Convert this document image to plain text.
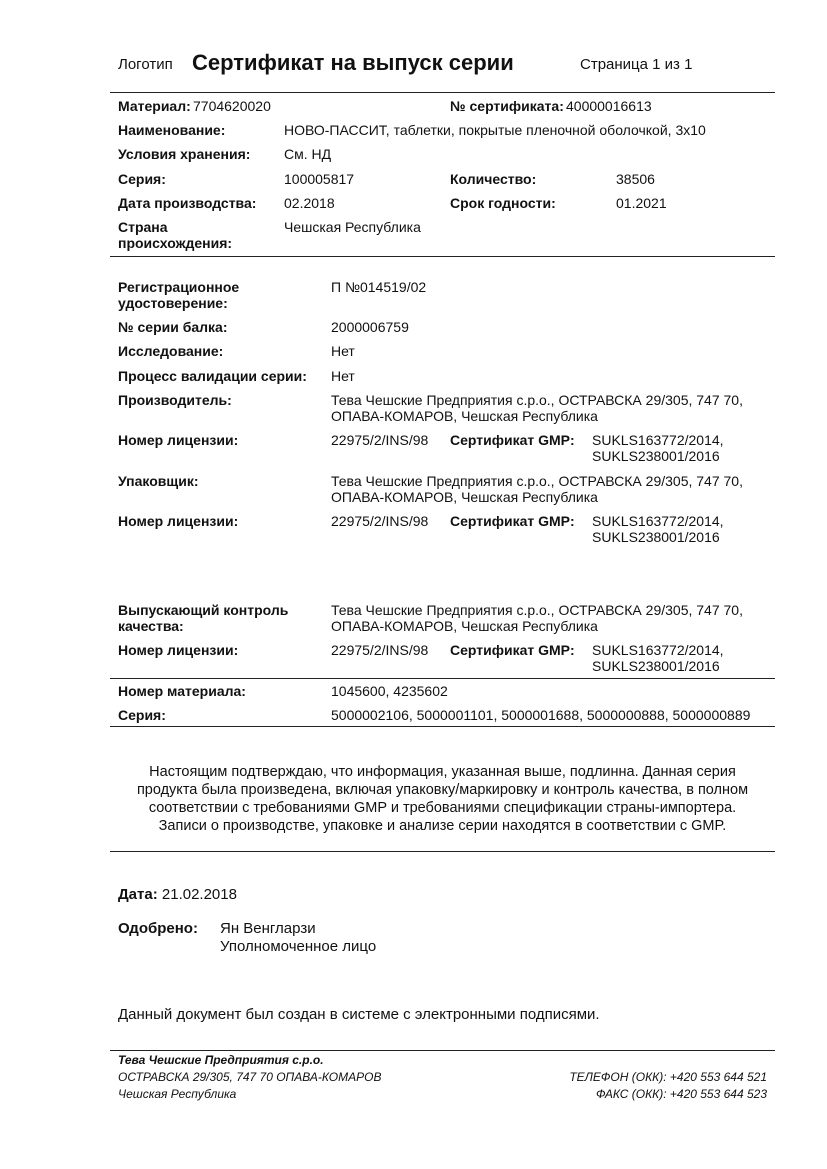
Логотип Сертификат на выпуск серии	Страница 1 из 1
Материал: 7704620020	№ сертификата: 40000016613
Наименование:	НОВО-ПАССИТ, таблетки, покрытые пленочной оболочкой, 3x10
Условия хранения: См. НД
Серия:	100005817	Количество:	38506
Дата производства: 02.2018	Срок годности:	01.2021
Страна
происхождения:
Чешская Республика
Регистрационное
удостоверение:
П №014519/02
№ серии балка:	2000006759
Исследование:	Нет
Процесс валидации серии: Нет
Производитель:	Тева Чешские Предприятия с.р.о., ОСТРАВСКА 29/305, 747 70,
ОПАВА-КОМАРОВ, Чешская Республика
Номер лицензии:	22975/2/INS/98 Сертификат GMP: SUKLS163772/2014,
SUKLS238001/2016
Упаковщик:	Тева Чешские Предприятия с.р.о., ОСТРАВСКА 29/305, 747 70,
ОПАВА-КОМАРОВ, Чешская Республика
Номер лицензии:	22975/2/INS/98 Сертификат GMP: SUKLS163772/2014,
SUKLS238001/2016
Выпускающий контроль
качества:
Тева Чешские Предприятия с.р.о., ОСТРАВСКА 29/305, 747 70,
ОПАВА-КОМАРОВ, Чешская Республика
Номер лицензии:	22975/2/INS/98 Сертификат GMP: SUKLS163772/2014,
SUKLS238001/2016
Номер материала:	1045600, 4235602
Серия:	5000002106, 5000001101, 5000001688, 5000000888, 5000000889
Настоящим подтверждаю, что информация, указанная выше, подлинна. Данная серия
продукта была произведена, включая упаковку/маркировку и контроль качества, в полном
соответствии с требованиями GMP и требованиями спецификации страны-импортера.
Записи о производстве, упаковке и анализе серии находятся в соответствии с GMP.
Дата: 21.02.2018
Одобрено: Ян Венгларзи
Уполномоченное лицо
Данный документ был создан в системе с электронными подписями.
Тева Чешские Предприятия с.р.о.
ОСТРАВСКА 29/305, 747 70 ОПАВА-КОМАРОВ
Чешская Республика
ТЕЛЕФОН (ОКК): +420 553 644 521
ФАКС (ОКК): +420 553 644 523
